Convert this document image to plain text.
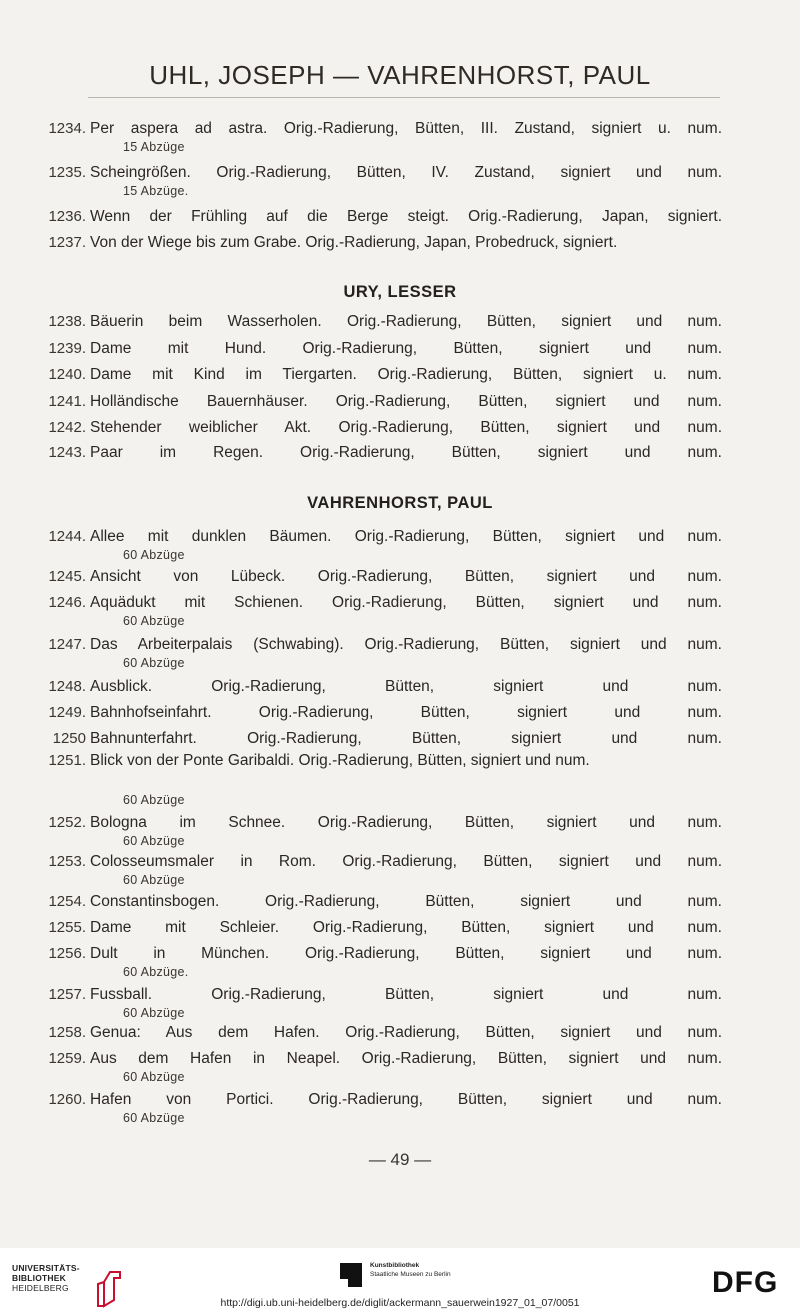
UHL, JOSEPH — VAHRENHORST, PAUL
1234. Per aspera ad astra. Orig.-Radierung, Bütten, III. Zustand, signiert u. num.
15 Abzüge
1235. Scheingrößen. Orig.-Radierung, Bütten, IV. Zustand, signiert und num.
15 Abzüge.
1236. Wenn der Frühling auf die Berge steigt. Orig.-Radierung, Japan, signiert.
1237. Von der Wiege bis zum Grabe. Orig.-Radierung, Japan, Probedruck, signiert.
URY, LESSER
1238. Bäuerin beim Wasserholen. Orig.-Radierung, Bütten, signiert und num.
1239. Dame mit Hund. Orig.-Radierung, Bütten, signiert und num.
1240. Dame mit Kind im Tiergarten. Orig.-Radierung, Bütten, signiert u. num.
1241. Holländische Bauernhäuser. Orig.-Radierung, Bütten, signiert und num.
1242. Stehender weiblicher Akt. Orig.-Radierung, Bütten, signiert und num.
1243. Paar im Regen. Orig.-Radierung, Bütten, signiert und num.
VAHRENHORST, PAUL
1244. Allee mit dunklen Bäumen. Orig.-Radierung, Bütten, signiert und num.
60 Abzüge
1245. Ansicht von Lübeck. Orig.-Radierung, Bütten, signiert und num.
1246. Aquädukt mit Schienen. Orig.-Radierung, Bütten, signiert und num.
60 Abzüge
1247. Das Arbeiterpalais (Schwabing). Orig.-Radierung, Bütten, signiert und num.
60 Abzüge
1248. Ausblick. Orig.-Radierung, Bütten, signiert und num.
1249. Bahnhofseinfahrt. Orig.-Radierung, Bütten, signiert und num.
1250 Bahnunterfahrt. Orig.-Radierung, Bütten, signiert und num.
1251. Blick von der Ponte Garibaldi. Orig.-Radierung, Bütten, signiert und num.
60 Abzüge
1252. Bologna im Schnee. Orig.-Radierung, Bütten, signiert und num.
60 Abzüge
1253. Colosseumsmaler in Rom. Orig.-Radierung, Bütten, signiert und num.
60 Abzüge
1254. Constantinsbogen. Orig.-Radierung, Bütten, signiert und num.
1255. Dame mit Schleier. Orig.-Radierung, Bütten, signiert und num.
1256. Dult in München. Orig.-Radierung, Bütten, signiert und num.
60 Abzüge.
1257. Fussball. Orig.-Radierung, Bütten, signiert und num.
60 Abzüge
1258. Genua: Aus dem Hafen. Orig.-Radierung, Bütten, signiert und num.
1259. Aus dem Hafen in Neapel. Orig.-Radierung, Bütten, signiert und num.
60 Abzüge
1260. Hafen von Portici. Orig.-Radierung, Bütten, signiert und num.
60 Abzüge
— 49 —
UNIVERSITÄTS-
BIBLIOTHEK
HEIDELBERG
Kunstbibliothek
Staatliche Museen zu Berlin	DFG
http://digi.ub.uni-heidelberg.de/diglit/ackermann_sauerwein1927_01_07/0051
